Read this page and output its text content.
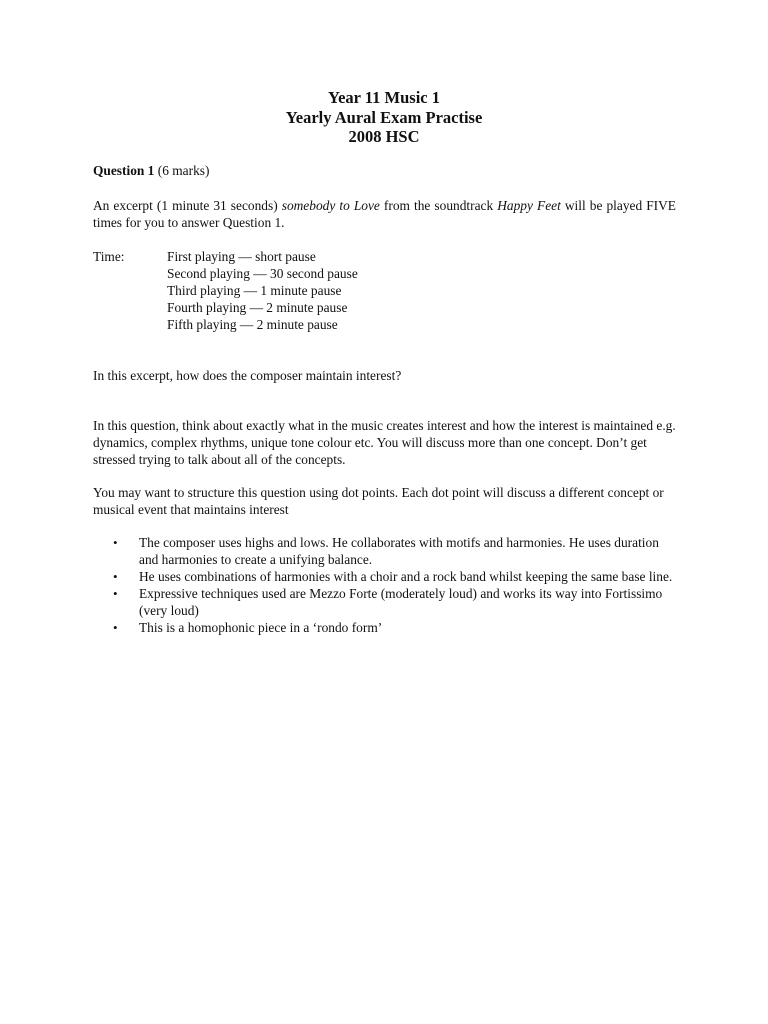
Year 11 Music 1
Yearly Aural Exam Practise
2008 HSC

Question 1 (6 marks)

An excerpt (1 minute 31 seconds) somebody to Love from the soundtrack Happy Feet will be played FIVE times for you to answer Question 1.

Time:	First playing — short pause
Second playing — 30 second pause
Third playing — 1 minute pause
Fourth playing — 2 minute pause
Fifth playing — 2 minute pause

In this excerpt, how does the composer maintain interest?

In this question, think about exactly what in the music creates interest and how the interest is maintained e.g. dynamics, complex rhythms, unique tone colour etc. You will discuss more than one concept. Don’t get stressed trying to talk about all of the concepts.

You may want to structure this question using dot points. Each dot point will discuss a different concept or musical event that maintains interest

• The composer uses highs and lows. He collaborates with motifs and harmonies. He uses duration and harmonies to create a unifying balance.
• He uses combinations of harmonies with a choir and a rock band whilst keeping the same base line.
• Expressive techniques used are Mezzo Forte (moderately loud) and works its way into Fortissimo (very loud)
• This is a homophonic piece in a ‘rondo form’
